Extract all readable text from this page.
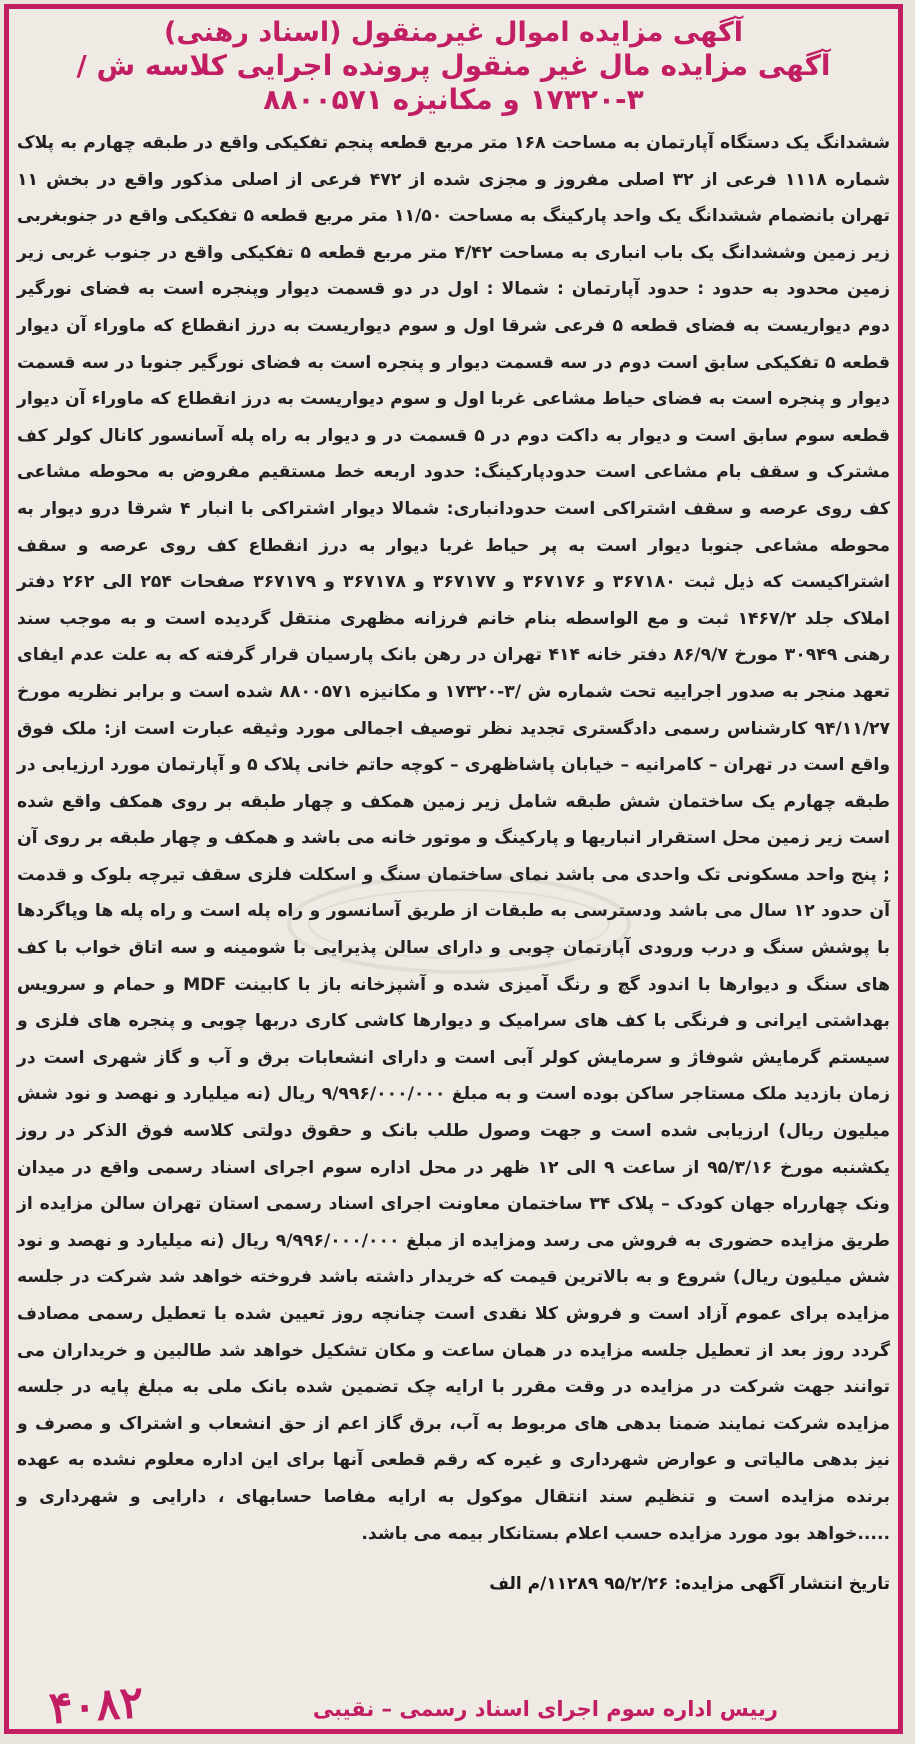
آگهی مزایده اموال غیرمنقول (اسناد رهنی)
آگهی مزایده مال غیر منقول پرونده اجرایی کلاسه ش /۳-۱۷۳۲۰ و مکانیزه ۸۸۰۰۵۷۱

ششدانگ یک دستگاه آپارتمان به مساحت ۱۶۸ متر مربع قطعه پنجم تفکیکی واقع در طبقه چهارم به پلاک شماره ۱۱۱۸ فرعی از ۳۲ اصلی مفروز و مجزی شده از ۴۷۲ فرعی از اصلی مذکور واقع در بخش ۱۱ تهران بانضمام ششدانگ یک واحد پارکینگ به مساحت ۱۱/۵۰ متر مربع قطعه ۵ تفکیکی واقع در جنوبغربی زیر زمین وششدانگ یک باب انباری به مساحت ۴/۴۲ متر مربع قطعه ۵ تفکیکی واقع در جنوب غربی زیر زمین محدود به حدود : حدود آپارتمان : شمالا : اول در دو قسمت دیوار وپنجره است به فضای نورگیر دوم دیواریست به فضای قطعه ۵ فرعی شرقا اول و سوم دیواریست به درز انقطاع که ماوراء آن دیوار قطعه ۵ تفکیکی سابق است دوم در سه قسمت دیوار و پنجره است به فضای نورگیر جنوبا در سه قسمت دیوار و پنجره است به فضای حیاط مشاعی غربا اول و سوم دیواریست به درز انقطاع که ماوراء آن دیوار قطعه سوم سابق است و دیوار به داکت دوم در ۵ قسمت در و دیوار به راه پله آسانسور کانال کولر کف مشترک و سقف بام مشاعی است حدودپارکینگ: حدود اربعه خط مستقیم مفروض به محوطه مشاعی کف روی عرصه و سقف اشتراکی است حدودانباری: شمالا دیوار اشتراکی با انبار ۴ شرقا درو دیوار به محوطه مشاعی جنوبا دیوار است به پر حیاط غربا دیوار به درز انقطاع کف روی عرصه و سقف اشتراکیست که ذیل ثبت ۳۶۷۱۸۰ و ۳۶۷۱۷۶ و ۳۶۷۱۷۷ و ۳۶۷۱۷۸ و ۳۶۷۱۷۹ صفحات ۲۵۴ الی ۲۶۲ دفتر املاک جلد ۱۴۶۷/۲ ثبت و مع الواسطه بنام خانم فرزانه مظهری منتقل گردیده است و به موجب سند رهنی ۳۰۹۴۹ مورخ ۸۶/۹/۷ دفتر خانه ۴۱۴ تهران در رهن بانک پارسیان قرار گرفته که به علت عدم ایفای تعهد منجر به صدور اجراییه تحت شماره ش /۳-۱۷۳۲۰ و مکانیزه ۸۸۰۰۵۷۱ شده است و برابر نظریه مورخ ۹۴/۱۱/۲۷ کارشناس رسمی دادگستری تجدید نظر توصیف اجمالی مورد وثیقه عبارت است از: ملک فوق واقع است در تهران – کامرانیه – خیابان پاشاظهری – کوچه حاتم خانی پلاک ۵ و آپارتمان مورد ارزیابی در طبقه چهارم یک ساختمان شش طبقه شامل زیر زمین همکف و چهار طبقه بر روی همکف واقع شده است زیر زمین محل استقرار انباریها و پارکینگ و موتور خانه می باشد و همکف و چهار طبقه بر روی آن ; پنج واحد مسکونی تک واحدی می باشد نمای ساختمان سنگ و اسکلت فلزی سقف تیرچه بلوک و قدمت آن حدود ۱۲ سال می باشد ودسترسی به طبقات از طریق آسانسور و راه پله است و راه پله ها وپاگردها با پوشش سنگ و درب ورودی آپارتمان چوبی و دارای سالن پذیرایی با شومینه و سه اتاق خواب با کف های سنگ و دیوارها با اندود گچ و رنگ آمیزی شده و آشپزخانه باز با کابینت MDF و حمام و سرویس بهداشتی ایرانی و فرنگی با کف های سرامیک و دیوارها کاشی کاری دربها چوبی و پنجره های فلزی و سیستم گرمایش شوفاژ و سرمایش کولر آبی است و دارای انشعابات برق و آب و گاز شهری است در زمان بازدید ملک مستاجر ساکن بوده است و به مبلغ ۹/۹۹۶/۰۰۰/۰۰۰ ریال (نه میلیارد و نهصد و نود شش میلیون ریال) ارزیابی شده است و جهت وصول طلب بانک و حقوق دولتی کلاسه فوق الذکر در روز یکشنبه مورخ ۹۵/۳/۱۶ از ساعت ۹ الی ۱۲ ظهر در محل اداره سوم اجرای اسناد رسمی واقع در میدان ونک چهارراه جهان کودک – پلاک ۳۴ ساختمان معاونت اجرای اسناد رسمی استان تهران سالن مزایده از طریق مزایده حضوری به فروش می رسد ومزایده از مبلغ ۹/۹۹۶/۰۰۰/۰۰۰ ریال (نه میلیارد و نهصد و نود شش میلیون ریال) شروع و به بالاترین قیمت که خریدار داشته باشد فروخته خواهد شد شرکت در جلسه مزایده برای عموم آزاد است و فروش کلا نقدی است چنانچه روز تعیین شده با تعطیل رسمی مصادف گردد روز بعد از تعطیل جلسه مزایده در همان ساعت و مکان تشکیل خواهد شد طالبین و خریداران می توانند جهت شرکت در مزایده در وقت مقرر با ارایه چک تضمین شده بانک ملی به مبلغ پایه در جلسه مزایده شرکت نمایند ضمنا بدهی های مربوط به آب، برق گاز اعم از حق انشعاب و اشتراک و مصرف و نیز بدهی مالیاتی و عوارض شهرداری و غیره که رقم قطعی آنها برای این اداره معلوم نشده به عهده برنده مزایده است و تنظیم سند انتقال موکول به ارایه مفاصا حسابهای ، دارایی و شهرداری و .....خواهد بود مورد مزایده حسب اعلام بستانکار بیمه می باشد.

تاریخ انتشار آگهی مزایده: ۹۵/۲/۲۶ ۱۱۲۸۹/م الف
رییس اداره سوم اجرای اسناد رسمی – نقیبی
۴۰۸۲
